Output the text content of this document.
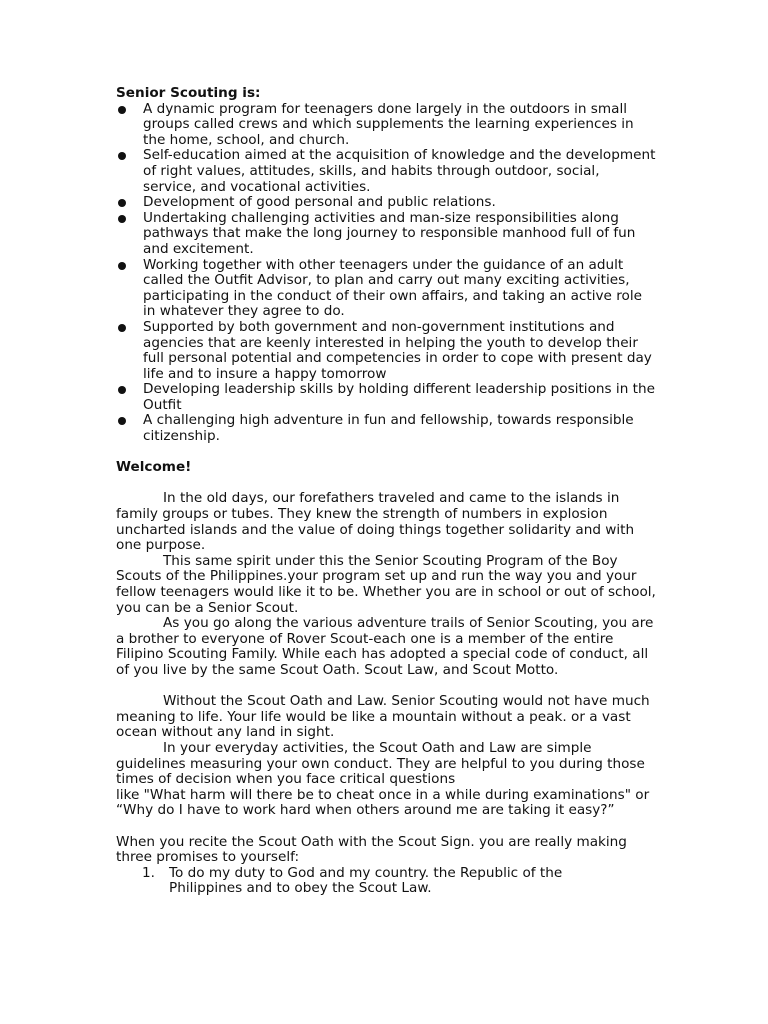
Senior Scouting is:

A dynamic program for teenagers done largely in the outdoors in small groups called crews and which supplements the learning experiences in the home, school, and church.
Self-education aimed at the acquisition of knowledge and the development of right values, attitudes, skills, and habits through outdoor, social, service, and vocational activities.
Development of good personal and public relations.
Undertaking challenging activities and man-size responsibilities along pathways that make the long journey to responsible manhood full of fun and excitement.
Working together with other teenagers under the guidance of an adult called the Outfit Advisor, to plan and carry out many exciting activities, participating in the conduct of their own affairs, and taking an active role in whatever they agree to do.
Supported by both government and non-government institutions and agencies that are keenly interested in helping the youth to develop their full personal potential and competencies in order to cope with present day life and to insure a happy tomorrow
Developing leadership skills by holding different leadership positions in the Outfit
A challenging high adventure in fun and fellowship, towards responsible citizenship.

Welcome!

In the old days, our forefathers traveled and came to the islands in family groups or tubes. They knew the strength of numbers in explosion uncharted islands and the value of doing things together solidarity and with one purpose.

This same spirit under this the Senior Scouting Program of the Boy Scouts of the Philippines.your program set up and run the way you and your fellow teenagers would like it to be. Whether you are in school or out of school, you can be a Senior Scout.

As you go along the various adventure trails of Senior Scouting, you are a brother to everyone of Rover Scout-each one is a member of the entire Filipino Scouting Family. While each has adopted a special code of conduct, all of you live by the same Scout Oath. Scout Law, and Scout Motto.

Without the Scout Oath and Law. Senior Scouting would not have much meaning to life. Your life would be like a mountain without a peak. or a vast ocean without any land in sight.

In your everyday activities, the Scout Oath and Law are simple guidelines measuring your own conduct. They are helpful to you during those times of decision when you face critical questions

like "What harm will there be to cheat once in a while during examinations" or “Why do I have to work hard when others around me are taking it easy?”

When you recite the Scout Oath with the Scout Sign. you are really making three promises to yourself:

1. To do my duty to God and my country. the Republic of the Philippines and to obey the Scout Law.
